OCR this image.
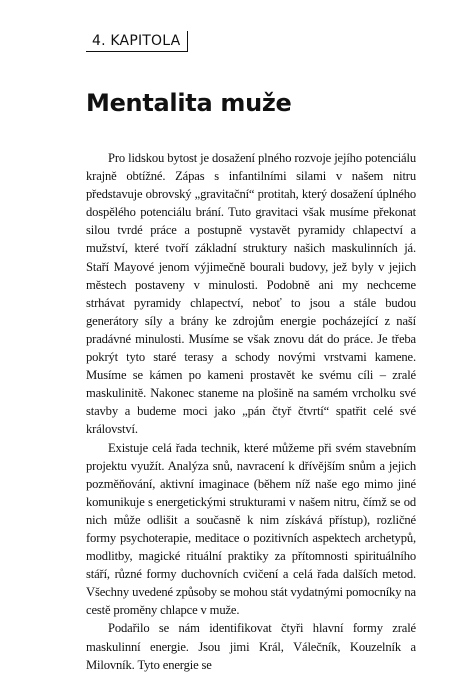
4. KAPITOLA
Mentalita muže

Pro lidskou bytost je dosažení plného rozvoje jejího potenciálu krajně obtížné. Zápas s infantilními silami v našem nitru představuje obrovský „gravitační“ protitah, který dosažení úplného dospělého potenciálu brání. Tuto gravitaci však musíme překonat silou tvrdé práce a postupně vystavět pyramidy chlapectví a mužství, které tvoří základní struktury našich maskulinních já. Staří Mayové jenom výjimečně bourali budovy, jež byly v jejich městech postaveny v minulosti. Podobně ani my nechceme strhávat pyramidy chlapectví, neboť to jsou a stále budou generátory síly a brány ke zdrojům energie pocházející z naší pradávné minulosti. Musíme se však znovu dát do práce. Je třeba pokrýt tyto staré terasy a schody novými vrstvami kamene. Musíme se kámen po kameni prostavět ke svému cíli – zralé maskulinitě. Nakonec staneme na plošině na samém vrcholku své stavby a budeme moci jako „pán čtyř čtvrtí“ spatřit celé své království.

Existuje celá řada technik, které můžeme při svém stavebním projektu využít. Analýza snů, navracení k dřívějším snům a jejich pozměňování, aktivní imaginace (během níž naše ego mimo jiné komunikuje s energetickými strukturami v našem nitru, čímž se od nich může odlišit a současně k nim získává přístup), rozličné formy psychoterapie, meditace o pozitivních aspektech archetypů, modlitby, magické rituální praktiky za přítomnosti spirituálního stáří, různé formy duchovních cvičení a celá řada dalších metod. Všechny uvedené způsoby se mohou stát vydatnými pomocníky na cestě proměny chlapce v muže.

Podařilo se nám identifikovat čtyři hlavní formy zralé maskulinní energie. Jsou jimi Král, Válečník, Kouzelník a Milovník. Tyto energie se
